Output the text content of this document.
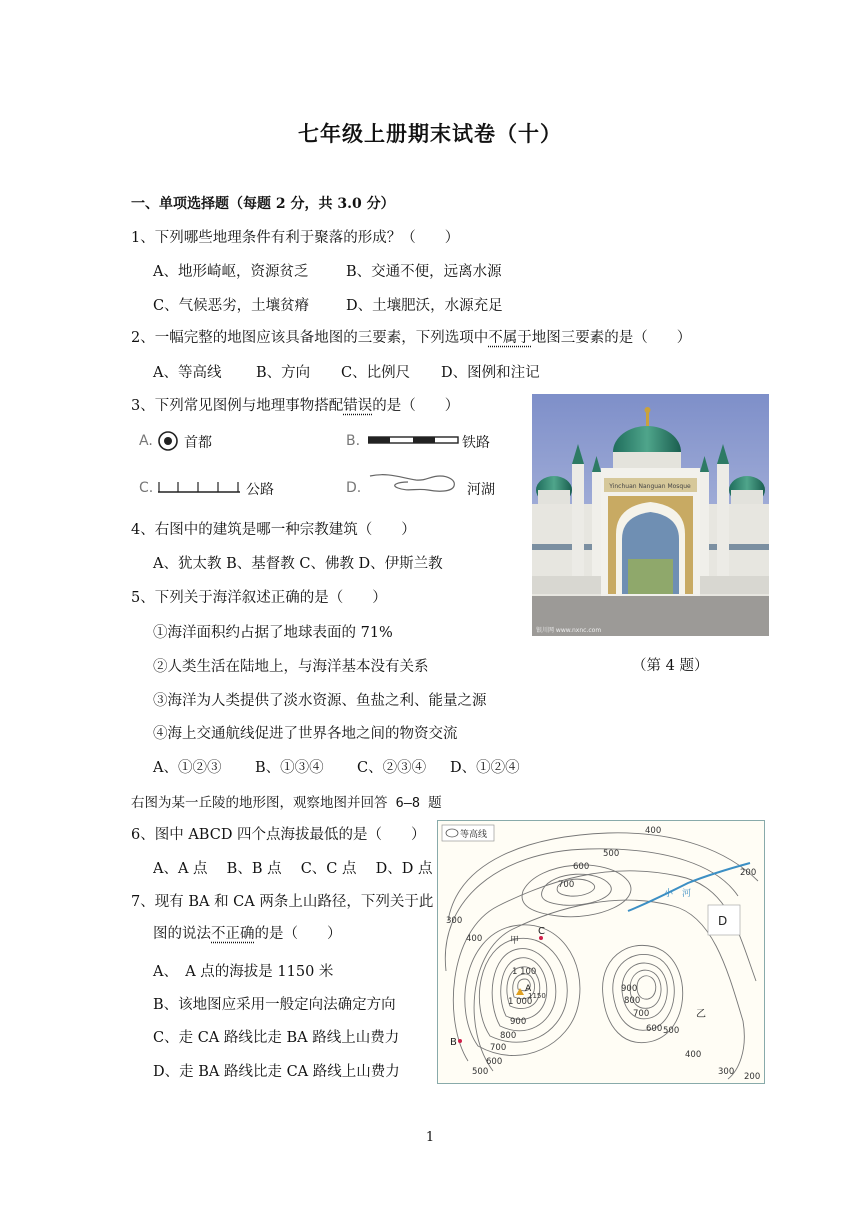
七年级上册期末试卷（十）
一、单项选择题（每题 2 分，共 3.0 分）
1、下列哪些地理条件有利于聚落的形成？（　　）
A、地形崎岖，资源贫乏	B、交通不便，远离水源
C、气候恶劣，土壤贫瘠	D、土壤肥沃，水源充足
2、一幅完整的地图应该具备地图的三要素，下列选项中不属于地图三要素的是（　　）
A、等高线 B、方向 C、比例尺 D、图例和注记
3、下列常见图例与地理事物搭配错误的是（　　）
A. 首都	B.	铁路
C.	公路	D.	河湖	Yinchuan Nanguan Mosque
银川网 www.nxnc.com
4、右图中的建筑是哪一种宗教建筑（　　）
A、犹太教 B、基督教 C、佛教 D、伊斯兰教
（第 4 题）
5、下列关于海洋叙述正确的是（　　）
①海洋面积约占据了地球表面的 71%
②人类生活在陆地上，与海洋基本没有关系
③海洋为人类提供了淡水资源、鱼盐之利、能量之源
④海上交通航线促进了世界各地之间的物资交流
A、①②③ B、①③④ C、②③④ D、①②④
右图为某一丘陵的地形图，观察地图并回答 6—8 题
6、图中 ABCD 四个点海拔最低的是（　　）
A、A 点　 B、B 点　 C、C 点　 D、D 点
7、现有 BA 和 CA 两条上山路径，下列关于此
图的说法不正确的是（　　）
A、　A 点的海拔是 1150 米
B、该地图应采用一般定向法确定方向
C、走 CA 路线比走 BA 路线上山费力
D、走 BA 路线比走 CA 路线上山费力
等高线	400
500
600
700
200
300
400
1 100
1 000
900
800
700
600
500
900
800
700
600 500
400
300 200
A
1150
C
甲
B
D
乙
小　河
1
